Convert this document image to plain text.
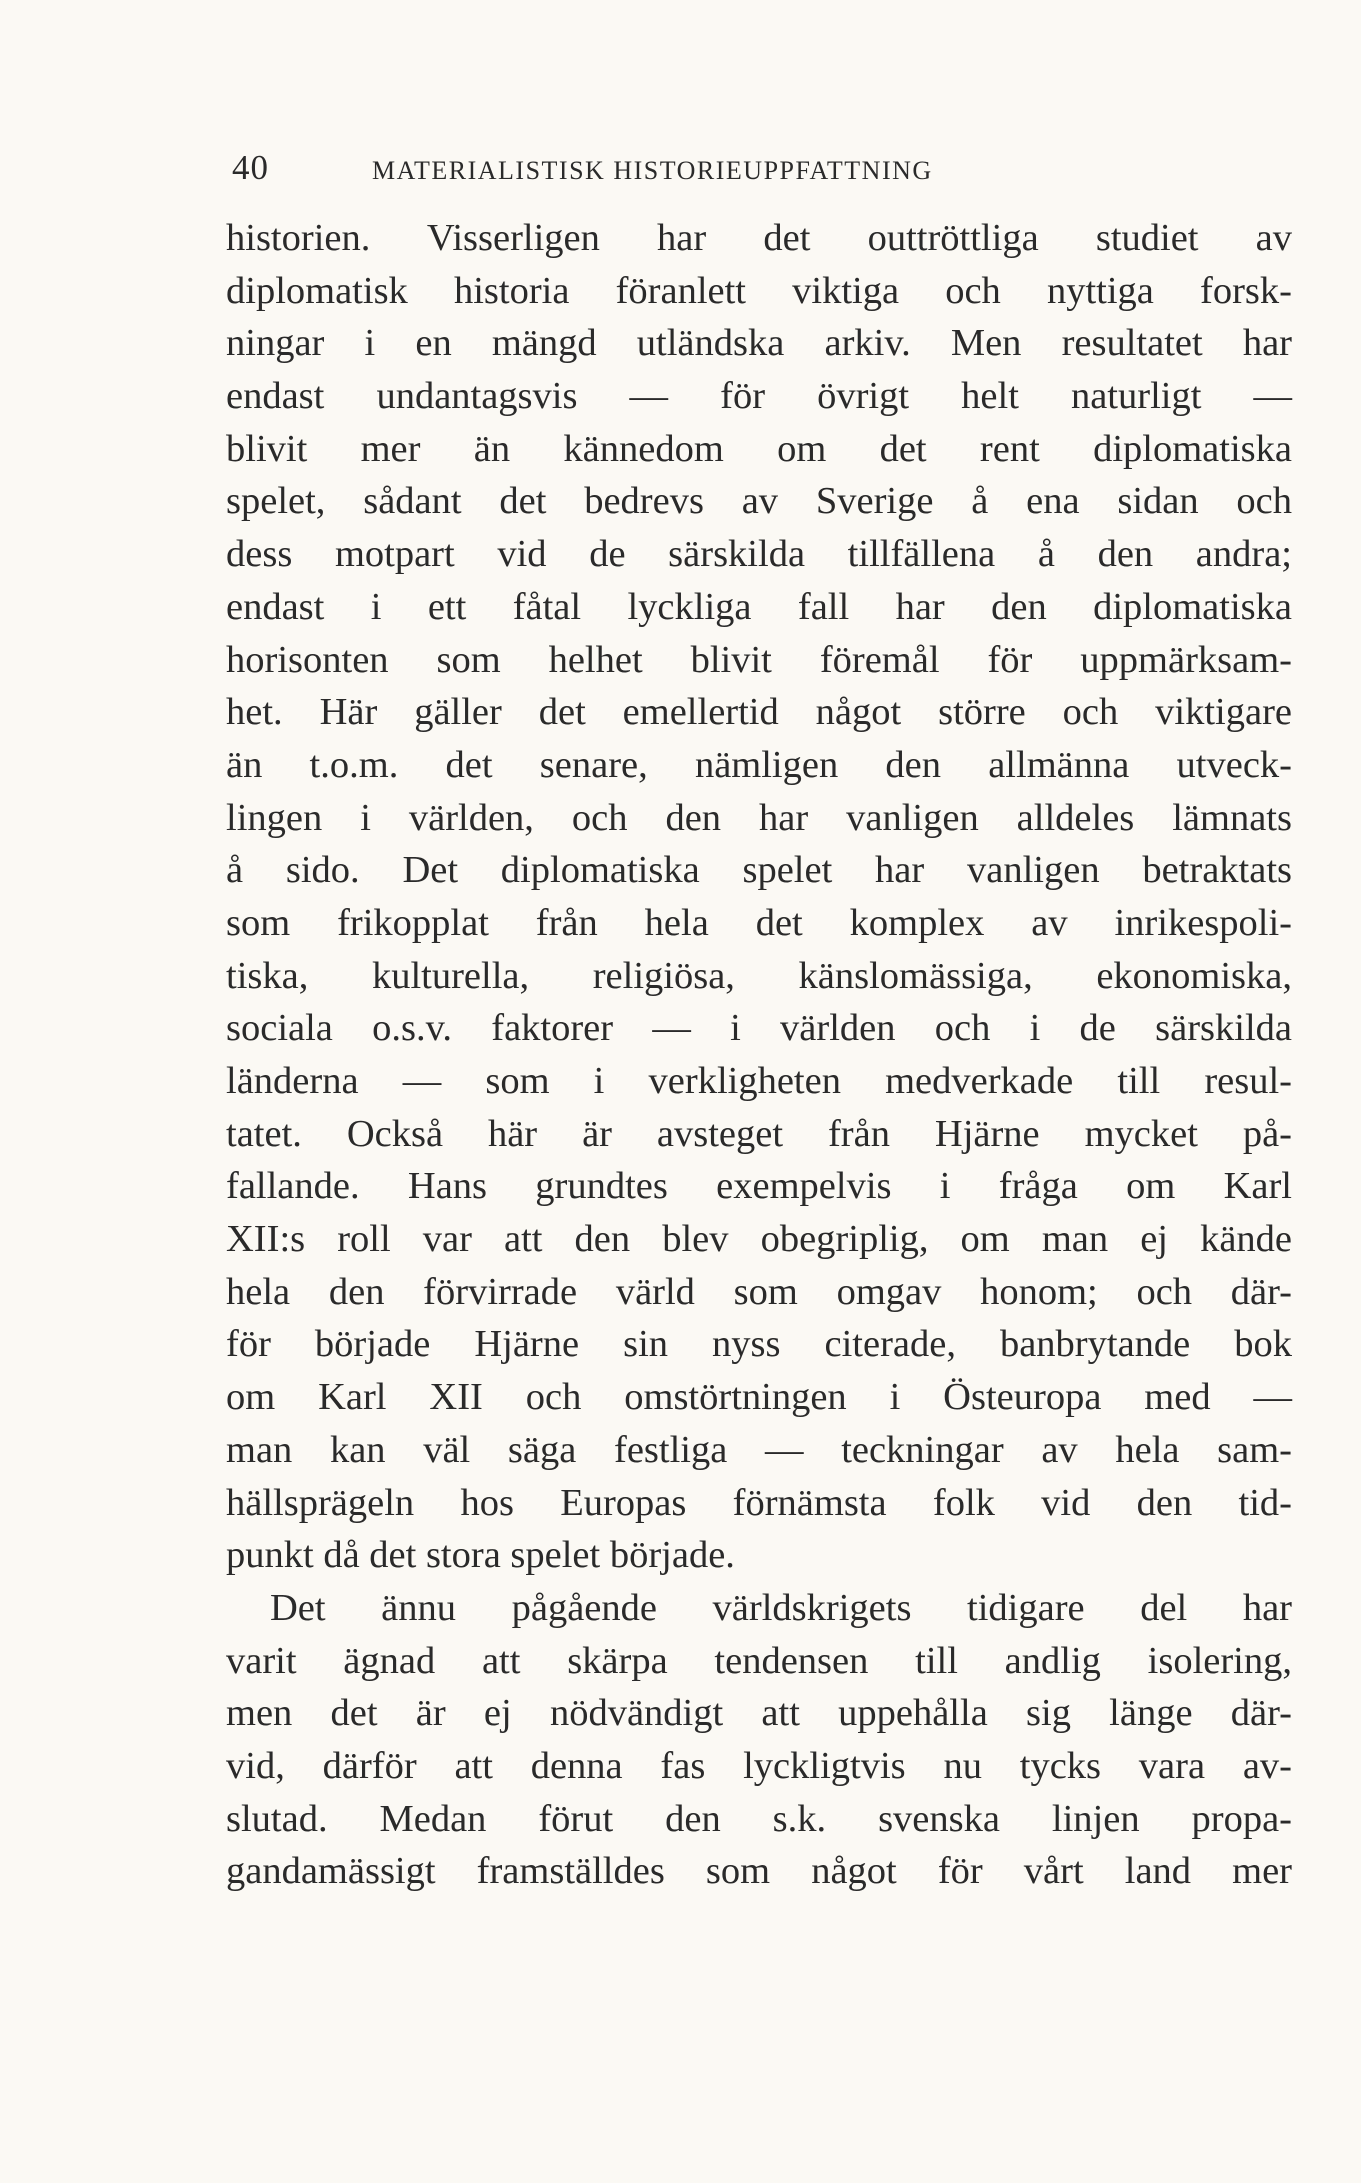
40	MATERIALISTISK HISTORIEUPPFATTNING
historien. Visserligen har det outtröttliga studiet av
diplomatisk historia föranlett viktiga och nyttiga forsk-
ningar i en mängd utländska arkiv. Men resultatet har
endast undantagsvis — för övrigt helt naturligt —
blivit mer än kännedom om det rent diplomatiska
spelet, sådant det bedrevs av Sverige å ena sidan och
dess motpart vid de särskilda tillfällena å den andra;
endast i ett fåtal lyckliga fall har den diplomatiska
horisonten som helhet blivit föremål för uppmärksam-
het. Här gäller det emellertid något större och viktigare
än t.o.m. det senare, nämligen den allmänna utveck-
lingen i världen, och den har vanligen alldeles lämnats
å sido. Det diplomatiska spelet har vanligen betraktats
som frikopplat från hela det komplex av inrikespoli-
tiska, kulturella, religiösa, känslomässiga, ekonomiska,
sociala o.s.v. faktorer — i världen och i de särskilda
länderna — som i verkligheten medverkade till resul-
tatet. Också här är avsteget från Hjärne mycket på-
fallande. Hans grundtes exempelvis i fråga om Karl
XII:s roll var att den blev obegriplig, om man ej kände
hela den förvirrade värld som omgav honom; och där-
för började Hjärne sin nyss citerade, banbrytande bok
om Karl XII och omstörtningen i Östeuropa med —
man kan väl säga festliga — teckningar av hela sam-
hällsprägeln hos Europas förnämsta folk vid den tid-
punkt då det stora spelet började.
Det ännu pågående världskrigets tidigare del har
varit ägnad att skärpa tendensen till andlig isolering,
men det är ej nödvändigt att uppehålla sig länge där-
vid, därför att denna fas lyckligtvis nu tycks vara av-
slutad. Medan förut den s.k. svenska linjen propa-
gandamässigt framställdes som något för vårt land mer
